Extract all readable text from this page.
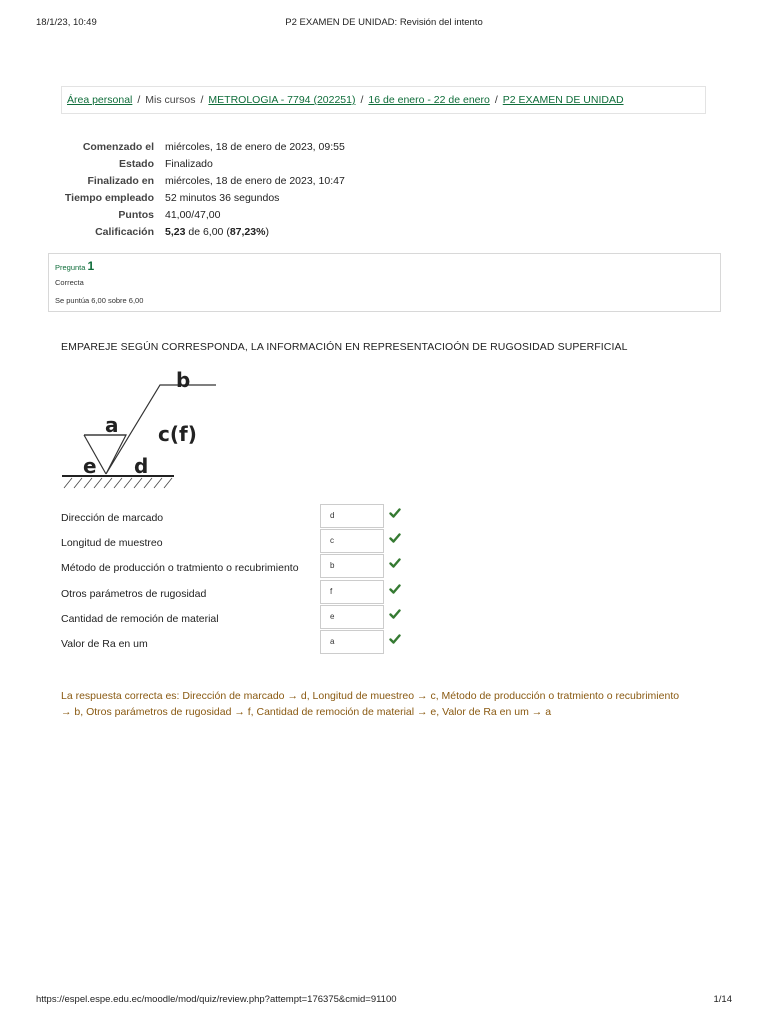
18/1/23, 10:49	P2 EXAMEN DE UNIDAD: Revisión del intento
Área personal / Mis cursos / METROLOGIA - 7794 (202251) / 16 de enero - 22 de enero / P2 EXAMEN DE UNIDAD
Comenzado el	miércoles, 18 de enero de 2023, 09:55
Estado	Finalizado
Finalizado en	miércoles, 18 de enero de 2023, 10:47
Tiempo empleado	52 minutos 36 segundos
Puntos	41,00/47,00
Calificación	5,23 de 6,00 (87,23%)
Pregunta 1
Correcta
Se puntúa 6,00 sobre 6,00
EMPAREJE SEGÚN CORRESPONDA, LA INFORMACIÓN EN REPRESENTACIOÓN DE RUGOSIDAD SUPERFICIAL
b
a c(f)
e d
Dirección de marcado	d
Longitud de muestreo	c
Método de producción o tratmiento o recubrimiento	b
Otros parámetros de rugosidad	f
Cantidad de remoción de material	e
Valor de Ra en um	a
La respuesta correcta es: Dirección de marcado → d, Longitud de muestreo → c, Método de producción o tratmiento o recubrimiento → b, Otros parámetros de rugosidad → f, Cantidad de remoción de material → e, Valor de Ra en um → a
https://espel.espe.edu.ec/moodle/mod/quiz/review.php?attempt=176375&cmid=91100	1/14
